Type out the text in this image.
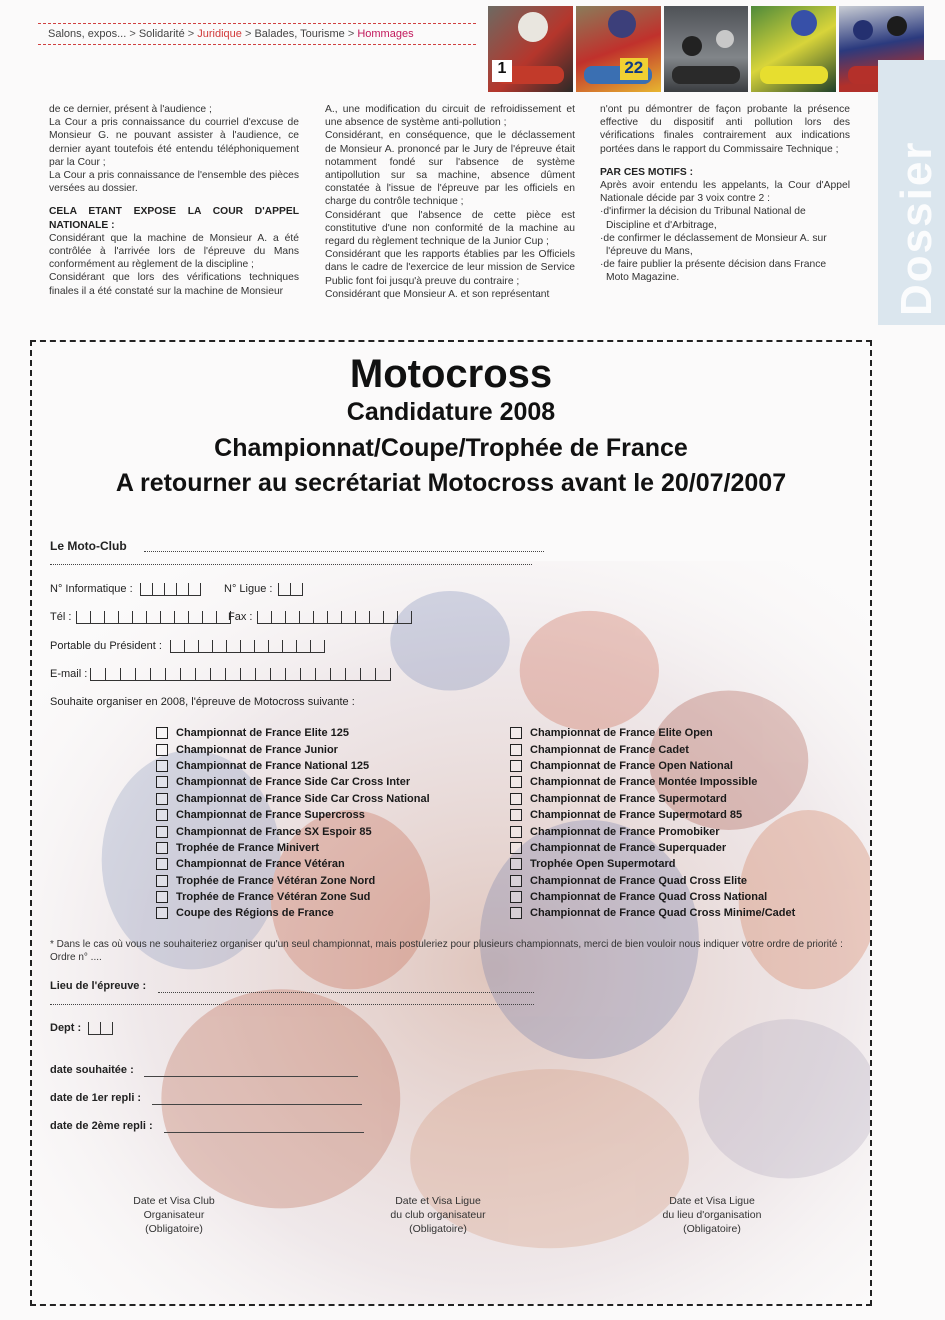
Salons, expos... > Solidarité > Juridique > Balades, Tourisme > Hommages
1	22
Dossier

de ce dernier, présent à l'audience ;

La Cour a pris connaissance du courriel d'excuse de Monsieur G. ne pouvant assister à l'audience, ce dernier ayant toutefois été entendu téléphoniquement par la Cour ;

La Cour a pris connaissance de l'ensemble des pièces versées au dossier.

CELA ETANT EXPOSE LA COUR D'APPEL NATIONALE :

Considérant que la machine de Monsieur A. a été contrôlée à l'arrivée lors de l'épreuve du Mans conformément au règlement de la discipline ;

Considérant que lors des vérifications techniques finales il a été constaté sur la machine de Monsieur

A., une modification du circuit de refroidissement et une absence de système anti-pollution ;

Considérant, en conséquence, que le déclassement de Monsieur A. prononcé par le Jury de l'épreuve était notamment fondé sur l'absence de système antipollution sur sa machine, absence dûment constatée à l'issue de l'épreuve par les officiels en charge du contrôle technique ;

Considérant que l'absence de cette pièce est constitutive d'une non conformité de la machine au regard du règlement technique de la Junior Cup ;

Considérant que les rapports établies par les Officiels dans le cadre de l'exercice de leur mission de Service Public font foi jusqu'à preuve du contraire ;

Considérant que Monsieur A. et son représentant

n'ont pu démontrer de façon probante la présence effective du dispositif anti pollution lors des vérifications finales contrairement aux indications portées dans le rapport du Commissaire Technique ;

PAR CES MOTIFS :

Après avoir entendu les appelants, la Cour d'Appel Nationale décide par 3 voix contre 2 :

·d'infirmer la décision du Tribunal National de Discipline et d'Arbitrage,
·de confirmer le déclassement de Monsieur A. sur l'épreuve du Mans,
·de faire publier la présente décision dans France Moto Magazine.
Motocross
Candidature 2008
Championnat/Coupe/Trophée de France
A retourner au secrétariat Motocross avant le 20/07/2007
Le Moto-Club
N° Informatique :	N° Ligue :
Tél :	Fax :
Portable du Président :
E-mail :
Souhaite organiser en 2008, l'épreuve de Motocross suivante :
Championnat de France Elite 125
Championnat de France Junior
Championnat de France National 125
Championnat de France Side Car Cross Inter
Championnat de France Side Car Cross National
Championnat de France Supercross
Championnat de France SX Espoir 85
Trophée de France Minivert
Championnat de France Vétéran
Trophée de France Vétéran Zone Nord
Trophée de France Vétéran Zone Sud
Coupe des Régions de France
Championnat de France Elite Open
Championnat de France Cadet
Championnat de France Open National
Championnat de France Montée Impossible
Championnat de France Supermotard
Championnat de France Supermotard 85
Championnat de France Promobiker
Championnat de France Superquader
Trophée Open Supermotard
Championnat de France Quad Cross Elite
Championnat de France Quad Cross National
Championnat de France Quad Cross Minime/Cadet
* Dans le cas où vous ne souhaiteriez organiser qu'un seul championnat, mais postuleriez pour plusieurs championnats, merci de bien vouloir nous indiquer votre ordre de priorité : Ordre n° ....
Lieu de l'épreuve :
Dept :
date souhaitée :
date de 1er repli :
date de 2ème repli :
Date et Visa Club
Organisateur
(Obligatoire)
Date et Visa Ligue
du club organisateur
(Obligatoire)
Date et Visa Ligue
du lieu d'organisation
(Obligatoire)
